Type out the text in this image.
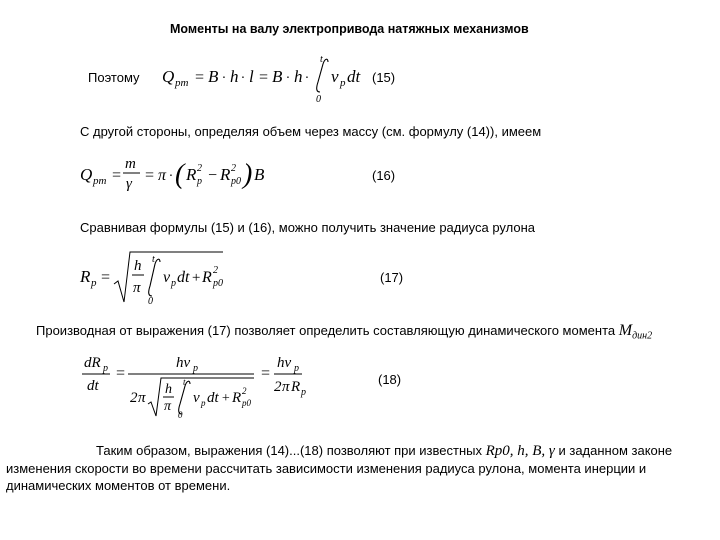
Моменты на валу электропривода натяжных механизмов
Поэтому Q pm = B · h · l = B · h ·
t
0
ν p dt (15)
С другой стороны, определяя объем через массу (см. формулу (14)), имеем
Q pm =
m
γ = π · ( R 2
p − R 2
p0 ) B	(16)
Сравнивая формулы (15) и (16), можно получить значение радиуса рулона
R p =
h
π
t
0
ν p dt + R 2
p0	(17)
Производная от выражения (17) позволяет определить составляющую динамического момента $M_{дин2}$
dR p
dt
=
hν p
2 π
h
π
t
0
ν p dt + R 2
p0
=
hν p
2 π R p
(18)
Таким образом, выражения (14)...(18) позволяют при известных Rp0, h, B, γ и заданном законе
изменения скорости во времени рассчитать зависимости изменения радиуса рулона, момента инерции и
динамических моментов от времени.
